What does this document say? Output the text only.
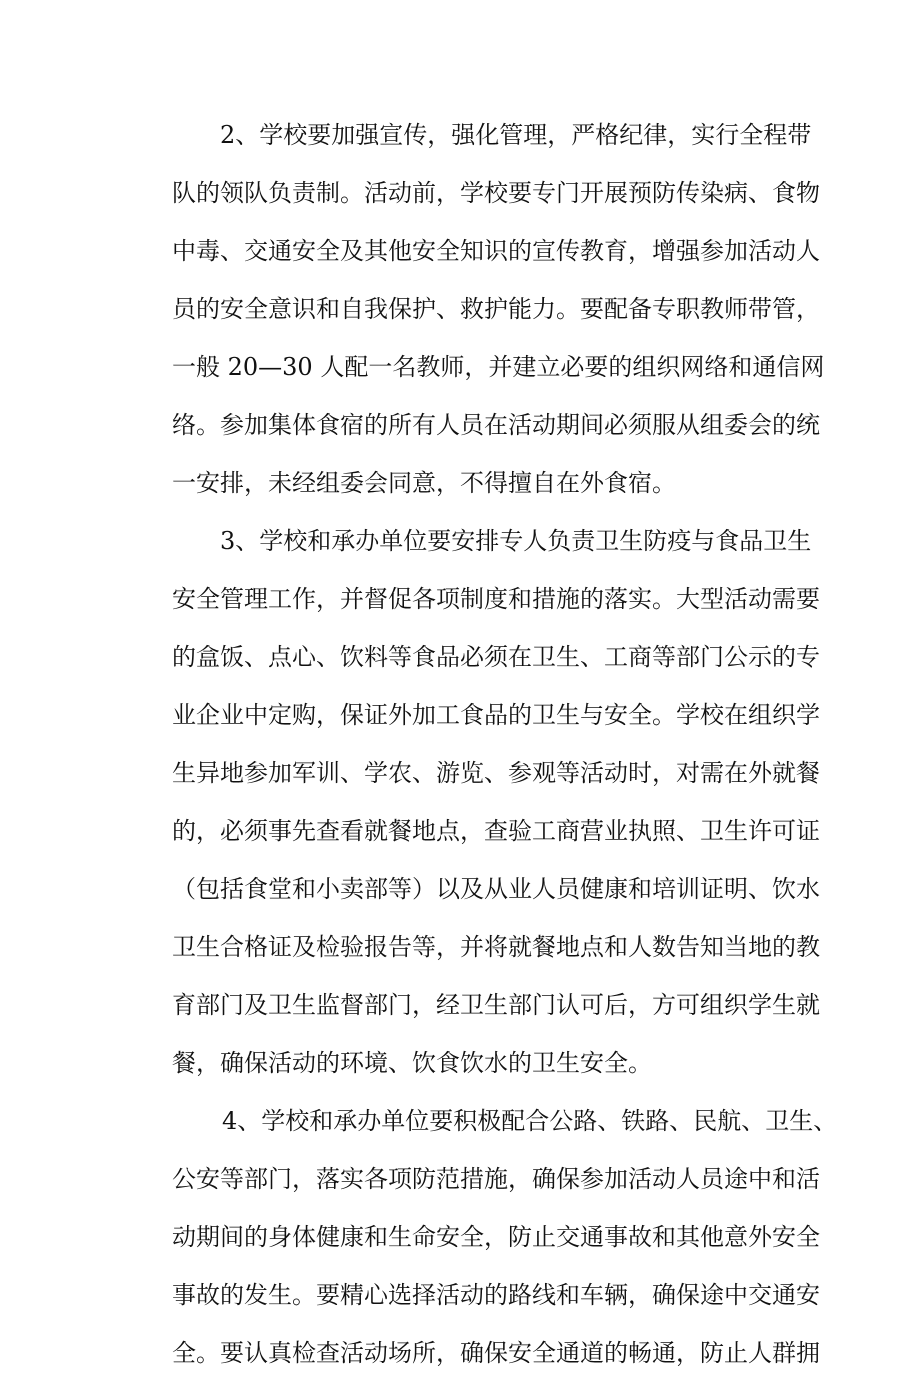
2、学校要加强宣传，强化管理，严格纪律，实行全程带
队的领队负责制。活动前，学校要专门开展预防传染病、食物
中毒、交通安全及其他安全知识的宣传教育，增强参加活动人
员的安全意识和自我保护、救护能力。要配备专职教师带管，
一般 20—30 人配一名教师，并建立必要的组织网络和通信网
络。参加集体食宿的所有人员在活动期间必须服从组委会的统
一安排，未经组委会同意，不得擅自在外食宿。
3、学校和承办单位要安排专人负责卫生防疫与食品卫生
安全管理工作，并督促各项制度和措施的落实。大型活动需要
的盒饭、点心、饮料等食品必须在卫生、工商等部门公示的专
业企业中定购，保证外加工食品的卫生与安全。学校在组织学
生异地参加军训、学农、游览、参观等活动时，对需在外就餐
的，必须事先查看就餐地点，查验工商营业执照、卫生许可证
（包括食堂和小卖部等）以及从业人员健康和培训证明、饮水
卫生合格证及检验报告等，并将就餐地点和人数告知当地的教
育部门及卫生监督部门，经卫生部门认可后，方可组织学生就
餐，确保活动的环境、饮食饮水的卫生安全。
4、学校和承办单位要积极配合公路、铁路、民航、卫生、
公安等部门，落实各项防范措施，确保参加活动人员途中和活
动期间的身体健康和生命安全，防止交通事故和其他意外安全
事故的发生。要精心选择活动的路线和车辆，确保途中交通安
全。要认真检查活动场所，确保安全通道的畅通，防止人群拥
